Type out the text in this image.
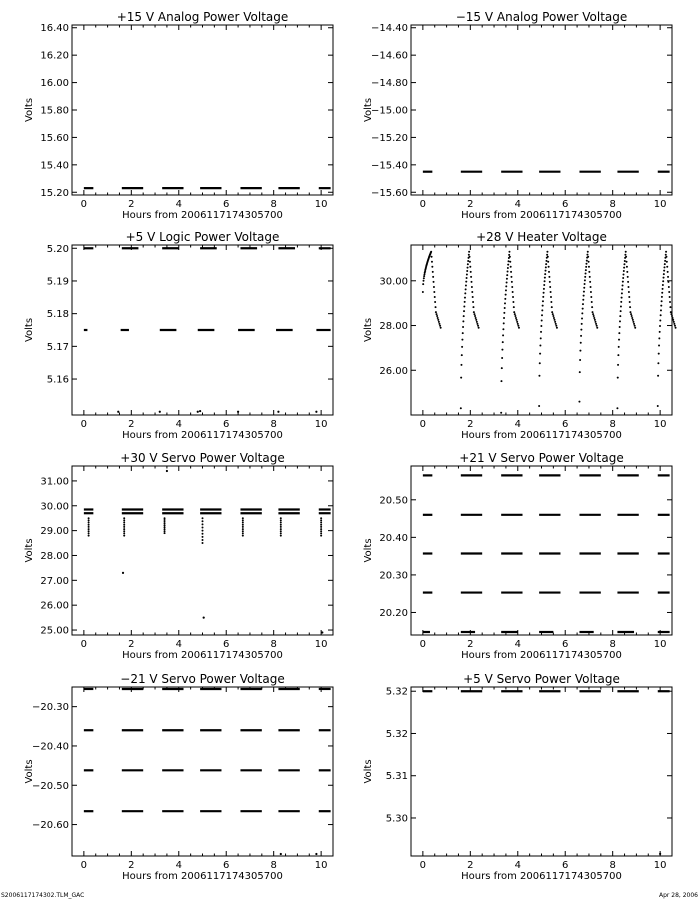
+15 V Analog Power Voltage
0	2	4	6	8	10
15.20
15.40
15.60
15.80
16.00
16.20
16.40
Hours from 2006117174305700
Volts
−15 V Analog Power Voltage
0	2	4	6	8	10
−15.60
−15.40
−15.20
−15.00
−14.80
−14.60
−14.40
Hours from 2006117174305700
Volts
+5 V Logic Power Voltage
0	2	4	6	8	10
5.16
5.17
5.18
5.19
5.20
Hours from 2006117174305700
Volts
+28 V Heater Voltage
0	2	4	6	8	10
26.00
28.00
30.00
Hours from 2006117174305700
Volts
+30 V Servo Power Voltage
0	2	4	6	8	10
25.00
26.00
27.00
28.00
29.00
30.00
31.00
Hours from 2006117174305700
Volts
+21 V Servo Power Voltage
0	2	4	6	8	10
20.20
20.30
20.40
20.50
Hours from 2006117174305700
Volts
−21 V Servo Power Voltage
0	2	4	6	8	10
−20.60
−20.50
−20.40
−20.30
Hours from 2006117174305700
Volts
+5 V Servo Power Voltage
0	2	4	6	8	10
5.30
5.31
5.32
5.32
Hours from 2006117174305700
Volts
S2006117174302.TLM_GAC	Apr 28, 2006
